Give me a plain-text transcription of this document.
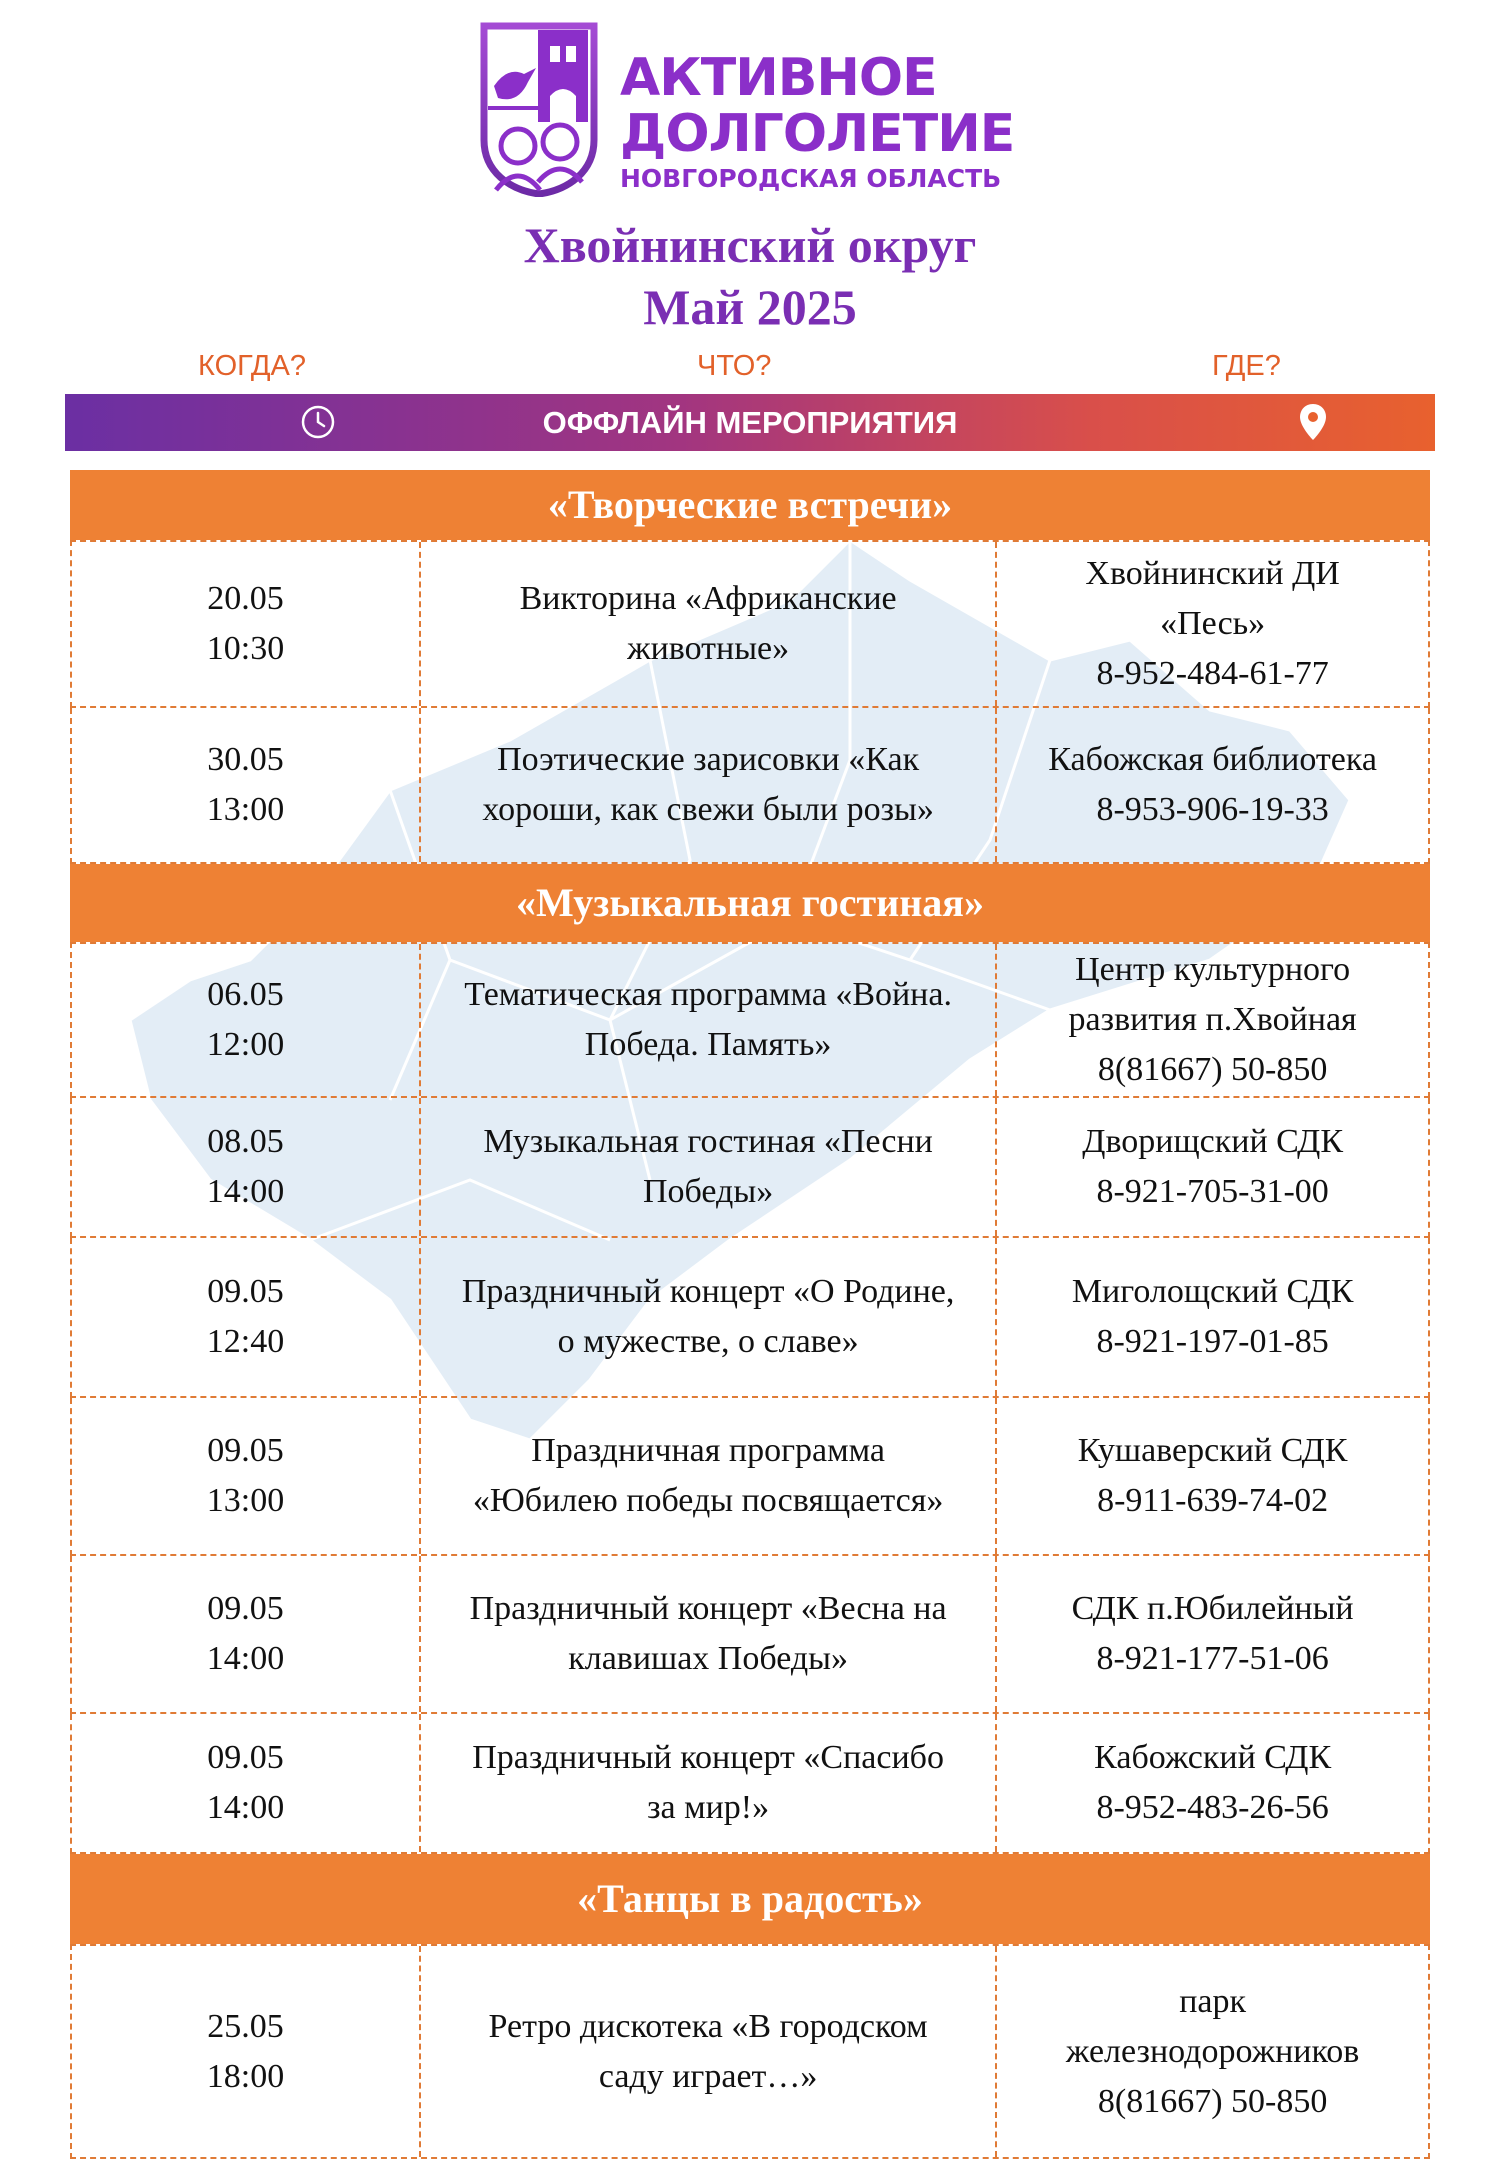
АКТИВНОЕ
ДОЛГОЛЕТИЕ
НОВГОРОДСКАЯ ОБЛАСТЬ
Хвойнинский округ
Май 2025
КОГДА?	ЧТО?	ГДЕ?
ОФФЛАЙН МЕРОПРИЯТИЯ
«Творческие встречи»
20.05
10:30
Викторина «Африканские
животные»
Хвойнинский ДИ
«Песь»
8-952-484-61-77
30.05
13:00
Поэтические зарисовки «Как
хороши, как свежи были розы»
Кабожская библиотека
8-953-906-19-33
«Музыкальная гостиная»
06.05
12:00
Тематическая программа «Война.
Победа. Память»
Центр культурного
развития п.Хвойная
8(81667) 50-850
08.05
14:00
Музыкальная гостиная «Песни
Победы»
Дворищский СДК
8-921-705-31-00
09.05
12:40
Праздничный концерт «О Родине,
о мужестве, о славе»
Миголощский СДК
8-921-197-01-85
09.05
13:00
Праздничная программа
«Юбилею победы посвящается»
Кушаверский СДК
8-911-639-74-02
09.05
14:00
Праздничный концерт «Весна на
клавишах Победы»
СДК п.Юбилейный
8-921-177-51-06
09.05
14:00
Праздничный концерт «Спасибо
за мир!»
Кабожский СДК
8-952-483-26-56
«Танцы в радость»
25.05
18:00
Ретро дискотека «В городском
саду играет…»
парк
железнодорожников
8(81667) 50-850
